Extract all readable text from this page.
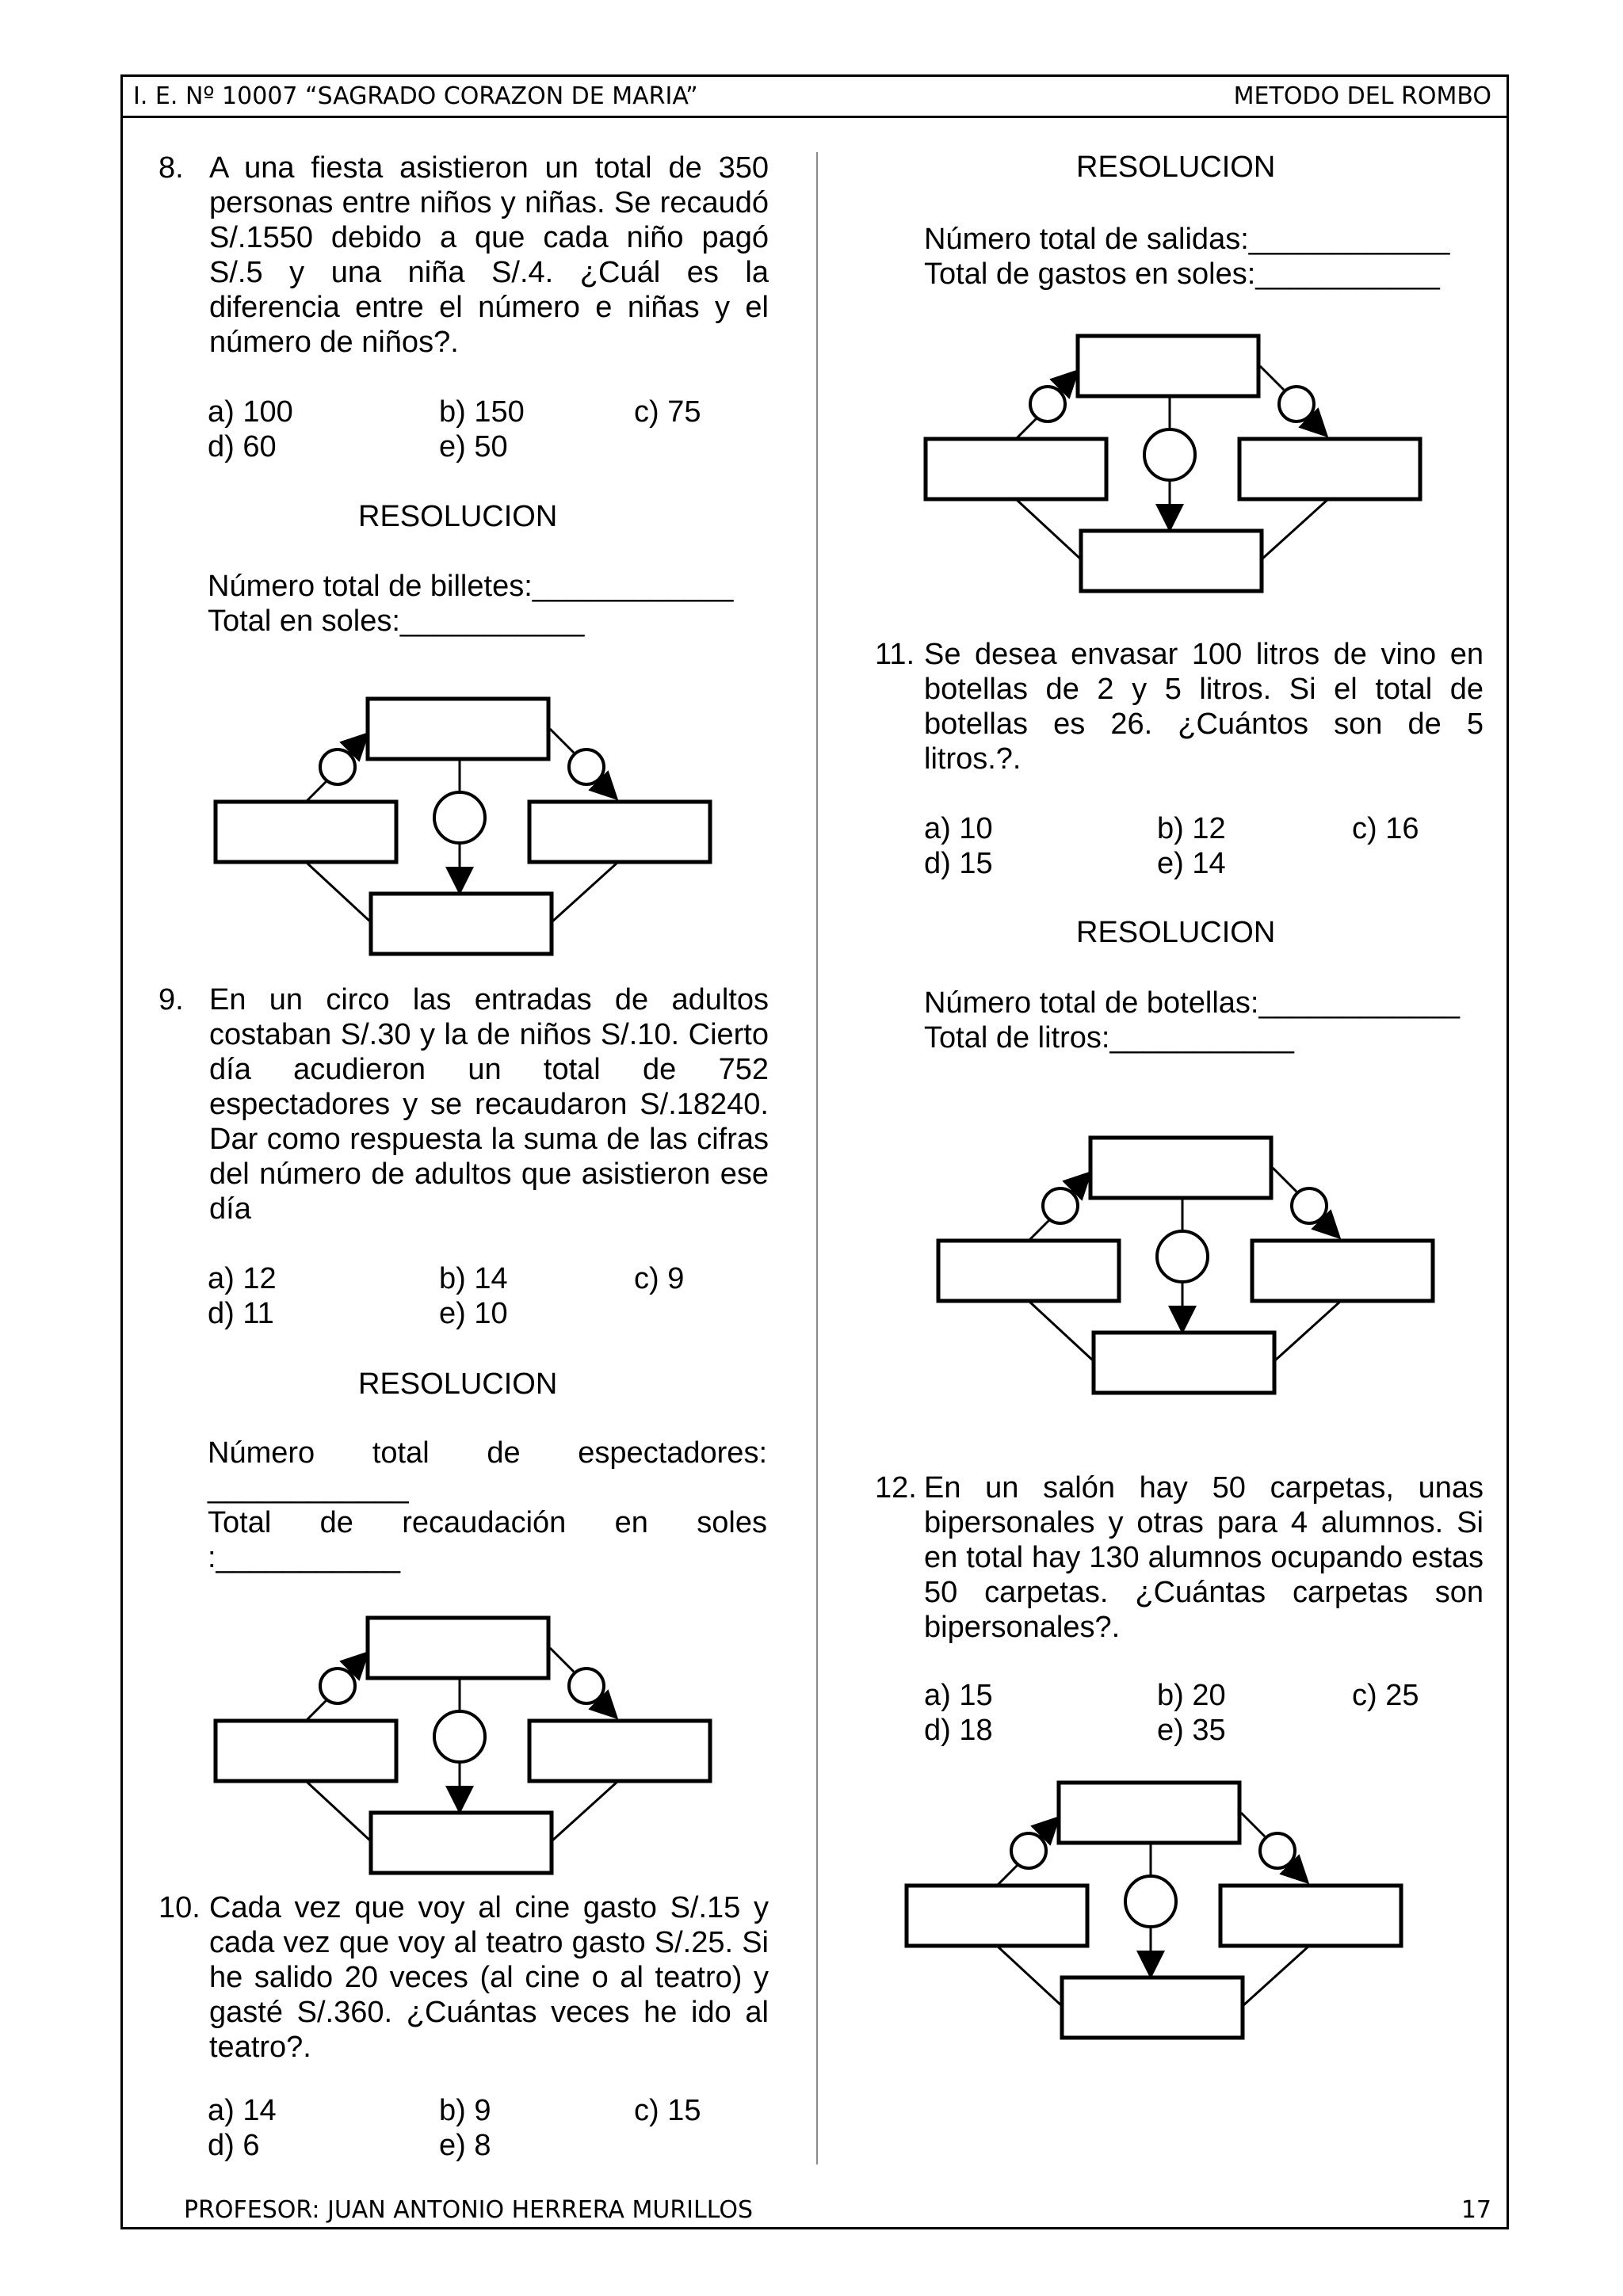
I. E. Nº 10007 “SAGRADO CORAZON DE MARIA”	METODO DEL ROMBO
8. A una fiesta asistieron un total de 350 personas entre niños y niñas. Se recaudó S/.1550 debido a que cada niño pagó S/.5 y una niña S/.4. ¿Cuál es la diferencia entre el número e niñas y el número de niños?.
a) 100	b) 150	c) 75
d) 60	e) 50
RESOLUCION
Número total de billetes:____________
Total en soles:___________
9. En un circo las entradas de adultos costaban S/.30 y la de niños S/.10. Cierto día acudieron un total de 752 espectadores y se recaudaron S/.18240. Dar como respuesta la suma de las cifras del número de adultos que asistieron ese día
a) 12	b) 14	c) 9
d) 11	e) 10
RESOLUCION
Número total de espectadores: ____________
Total de recaudación en soles :___________
10. Cada vez que voy al cine gasto S/.15 y cada vez que voy al teatro gasto S/.25. Si he salido 20 veces (al cine o al teatro) y gasté S/.360. ¿Cuántas veces he ido al teatro?.
a) 14	b) 9	c) 15
d) 6	e) 8
RESOLUCION
Número total de salidas:____________
Total de gastos en soles:___________
11. Se desea envasar 100 litros de vino en botellas de 2 y 5 litros. Si el total de botellas es 26. ¿Cuántos son de 5 litros.?.
a) 10	b) 12	c) 16
d) 15	e) 14
RESOLUCION
Número total de botellas:____________
Total de litros:___________
12. En un salón hay 50 carpetas, unas bipersonales y otras para 4 alumnos. Si en total hay 130 alumnos ocupando estas 50 carpetas. ¿Cuántas carpetas son bipersonales?.
a) 15	b) 20	c) 25
d) 18	e) 35
PROFESOR: JUAN ANTONIO HERRERA MURILLOS	17
